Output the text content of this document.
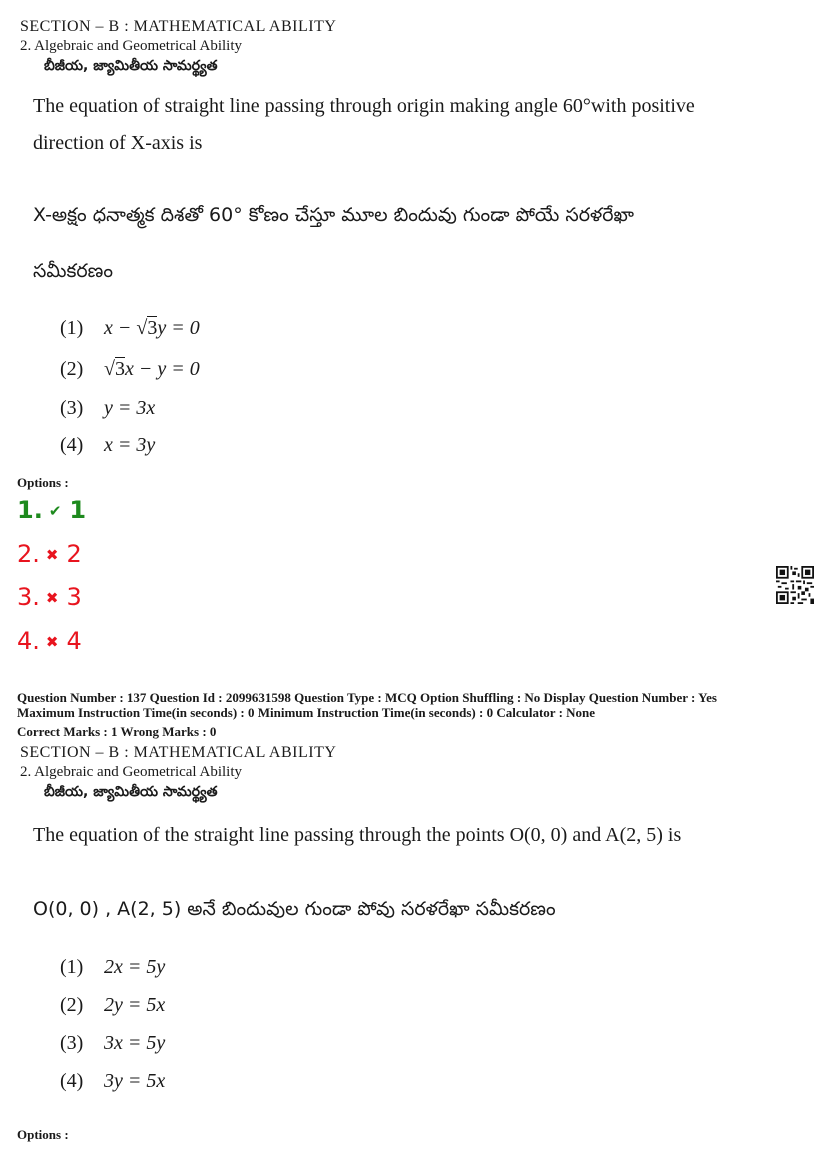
SECTION – B : MATHEMATICAL ABILITY
2. Algebraic and Geometrical Ability
బీజీయ, జ్యామితీయ సామర్థ్యత
The equation of straight line passing through origin making angle 60°with positive
direction of X-axis is
X-అక్షం ధనాత్మక దిశతో 60° కోణం చేస్తూ మూల బిందువు గుండా పోయే సరళరేఖా
సమీకరణం
(1) x − √3y = 0
(2) √3x − y = 0
(3) y = 3x
(4) x = 3y
Options :
1. ✔ 1
2. ✖ 2
3. ✖ 3
4. ✖ 4
Question Number : 137 Question Id : 2099631598 Question Type : MCQ Option Shuffling : No Display Question Number : Yes
Maximum Instruction Time(in seconds) : 0 Minimum Instruction Time(in seconds) : 0 Calculator : None
Correct Marks : 1 Wrong Marks : 0
SECTION – B : MATHEMATICAL ABILITY
2. Algebraic and Geometrical Ability
బీజీయ, జ్యామితీయ సామర్థ్యత
The equation of the straight line passing through the points O(0, 0) and A(2, 5) is
O(0, 0) , A(2, 5) అనే బిందువుల గుండా పోవు సరళరేఖా సమీకరణం
(1) 2x = 5y
(2) 2y = 5x
(3) 3x = 5y
(4) 3y = 5x
Options :
